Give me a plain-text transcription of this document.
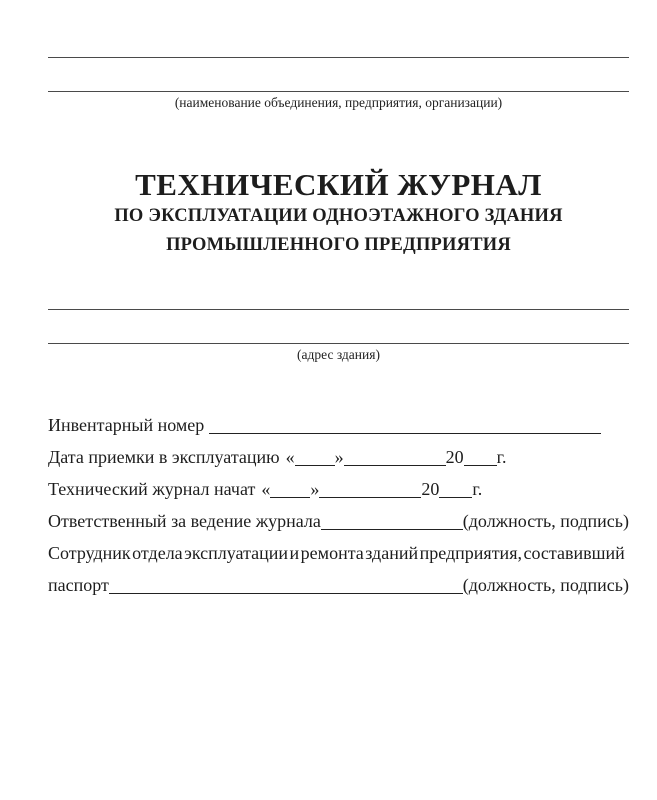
(наименование объединения, предприятия, организации)
ТЕХНИЧЕСКИЙ ЖУРНАЛ
ПО ЭКСПЛУАТАЦИИ ОДНОЭТАЖНОГО ЗДАНИЯ
ПРОМЫШЛЕННОГО ПРЕДПРИЯТИЯ
(адрес здания)
Инвентарный номер
Дата приемки в эксплуатацию « »	20 г.
Технический журнал начат « »	20 г.
Ответственный за ведение журнала	(должность, подпись)
Сотрудник отдела эксплуатации и ремонта зданий предприятия, составивший
паспорт	(должность, подпись)
